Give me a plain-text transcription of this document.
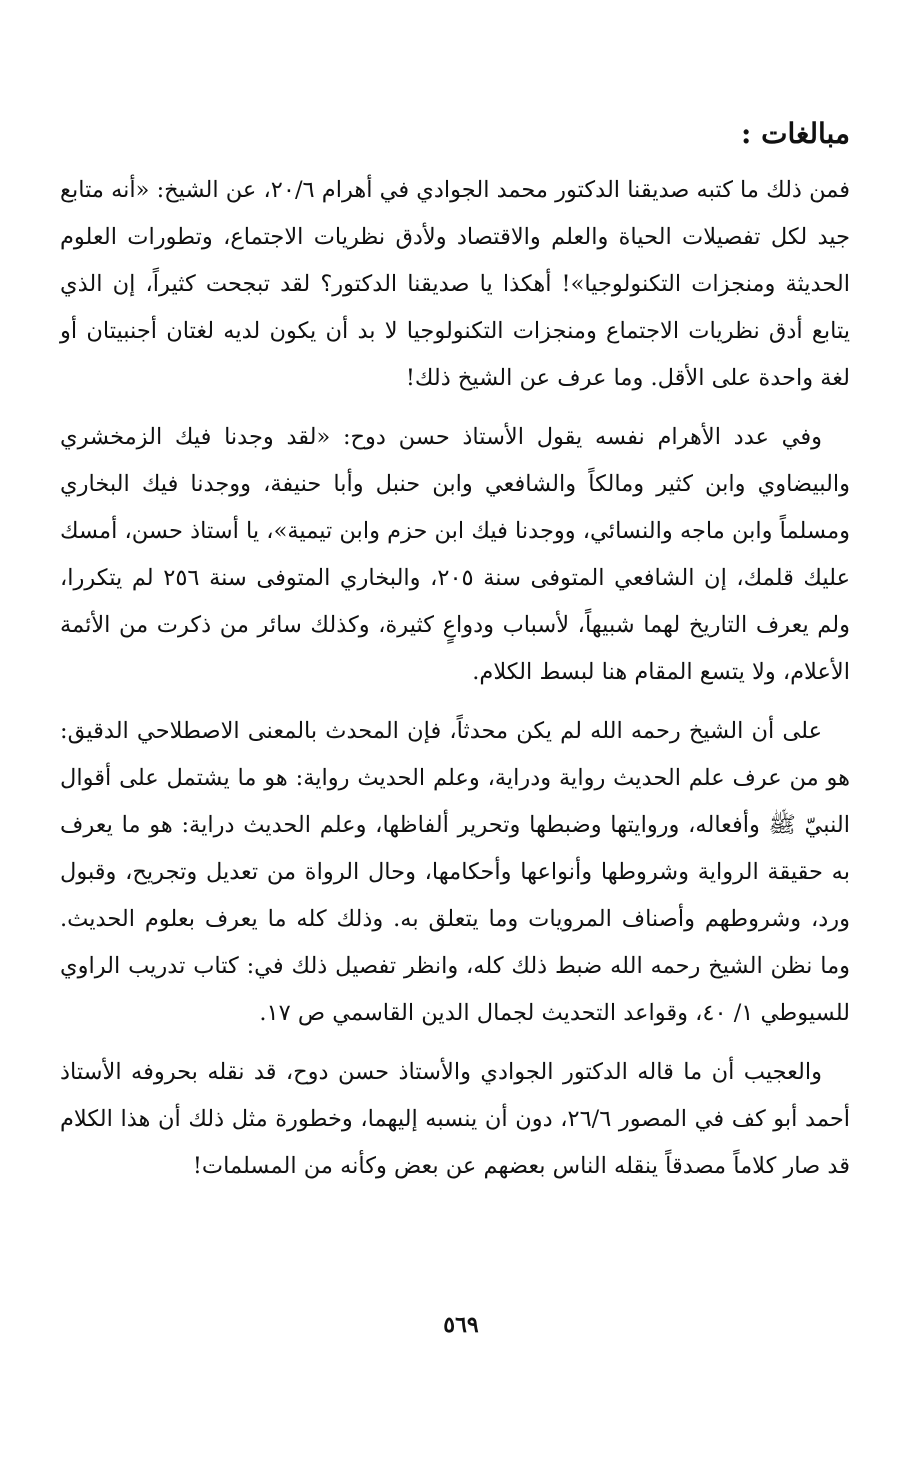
مبالغات :

فمن ذلك ما كتبه صديقنا الدكتور محمد الجوادي في أهرام ٢٠/٦، عن الشيخ: «أنه متابع جيد لكل تفصيلات الحياة والعلم والاقتصاد ولأدق نظريات الاجتماع، وتطورات العلوم الحديثة ومنجزات التكنولوجيا»! أهكذا يا صديقنا الدكتور؟ لقد تبجحت كثيراً، إن الذي يتابع أدق نظريات الاجتماع ومنجزات التكنولوجيا لا بد أن يكون لديه لغتان أجنبيتان أو لغة واحدة على الأقل. وما عرف عن الشيخ ذلك!

وفي عدد الأهرام نفسه يقول الأستاذ حسن دوح: «لقد وجدنا فيك الزمخشري والبيضاوي وابن كثير ومالكاً والشافعي وابن حنبل وأبا حنيفة، ووجدنا فيك البخاري ومسلماً وابن ماجه والنسائي، ووجدنا فيك ابن حزم وابن تيمية»، يا أستاذ حسن، أمسك عليك قلمك، إن الشافعي المتوفى سنة ٢٠٥، والبخاري المتوفى سنة ٢٥٦ لم يتكررا، ولم يعرف التاريخ لهما شبيهاً، لأسباب ودواعٍ كثيرة، وكذلك سائر من ذكرت من الأئمة الأعلام، ولا يتسع المقام هنا لبسط الكلام.

على أن الشيخ رحمه الله لم يكن محدثاً، فإن المحدث بالمعنى الاصطلاحي الدقيق: هو من عرف علم الحديث رواية ودراية، وعلم الحديث رواية: هو ما يشتمل على أقوال النبيّ ﷺ وأفعاله، وروايتها وضبطها وتحرير ألفاظها، وعلم الحديث دراية: هو ما يعرف به حقيقة الرواية وشروطها وأنواعها وأحكامها، وحال الرواة من تعديل وتجريح، وقبول ورد، وشروطهم وأصناف المرويات وما يتعلق به. وذلك كله ما يعرف بعلوم الحديث. وما نظن الشيخ رحمه الله ضبط ذلك كله، وانظر تفصيل ذلك في: كتاب تدريب الراوي للسيوطي ١/ ٤٠، وقواعد التحديث لجمال الدين القاسمي ص ١٧.

والعجيب أن ما قاله الدكتور الجوادي والأستاذ حسن دوح، قد نقله بحروفه الأستاذ أحمد أبو كف في المصور ٢٦/٦، دون أن ينسبه إليهما، وخطورة مثل ذلك أن هذا الكلام قد صار كلاماً مصدقاً ينقله الناس بعضهم عن بعض وكأنه من المسلمات!

٥٦٩
